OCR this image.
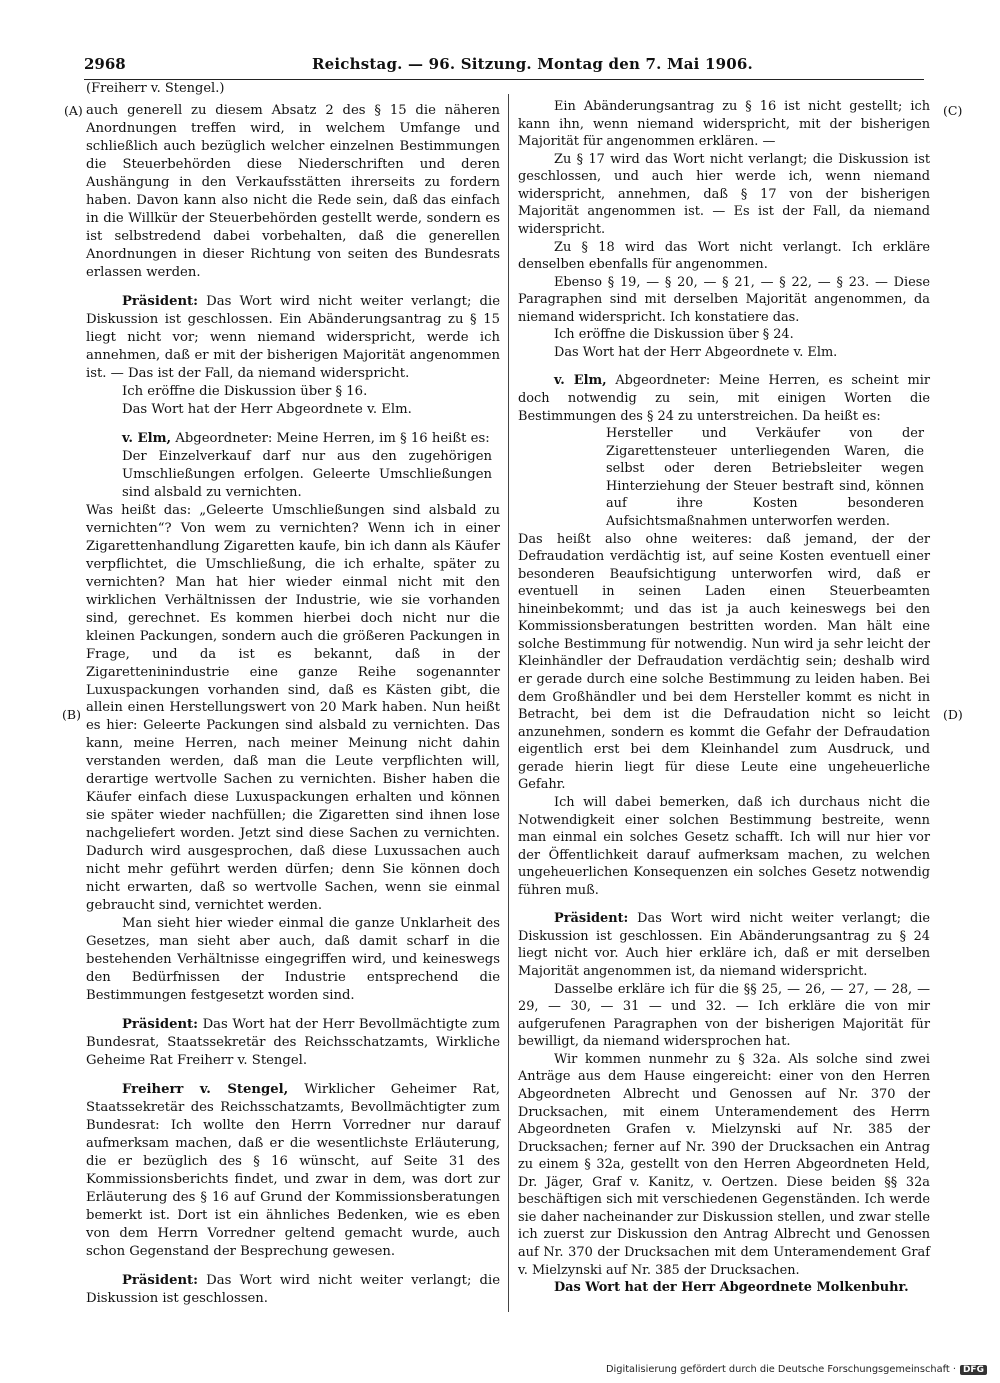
2968	Reichstag. — 96. Sitzung. Montag den 7. Mai 1906.
(A)
(B)
(C)
(D)

(Freiherr v. Stengel.)

auch generell zu diesem Absatz 2 des § 15 die näheren Anordnungen treffen wird, in welchem Umfange und schließlich auch bezüglich welcher einzelnen Bestimmungen die Steuerbehörden diese Niederschriften und deren Aushängung in den Verkaufsstätten ihrerseits zu fordern haben. Davon kann also nicht die Rede sein, daß das einfach in die Willkür der Steuerbehörden gestellt werde, sondern es ist selbstredend dabei vorbehalten, daß die generellen Anordnungen in dieser Richtung von seiten des Bundesrats erlassen werden.

Präsident: Das Wort wird nicht weiter verlangt; die Diskussion ist geschlossen. Ein Abänderungsantrag zu § 15 liegt nicht vor; wenn niemand widerspricht, werde ich annehmen, daß er mit der bisherigen Majorität angenommen ist. — Das ist der Fall, da niemand widerspricht.

Ich eröffne die Diskussion über § 16.

Das Wort hat der Herr Abgeordnete v. Elm.

v. Elm, Abgeordneter: Meine Herren, im § 16 heißt es:

Der Einzelverkauf darf nur aus den zugehörigen Umschließungen erfolgen. Geleerte Umschließungen sind alsbald zu vernichten.

Was heißt das: „Geleerte Umschließungen sind alsbald zu vernichten“? Von wem zu vernichten? Wenn ich in einer Zigarettenhandlung Zigaretten kaufe, bin ich dann als Käufer verpflichtet, die Umschließung, die ich erhalte, später zu vernichten? Man hat hier wieder einmal nicht mit den wirklichen Verhältnissen der Industrie, wie sie vorhanden sind, gerechnet. Es kommen hierbei doch nicht nur die kleinen Packungen, sondern auch die größeren Packungen in Frage, und da ist es bekannt, daß in der Zigaretteninindustrie eine ganze Reihe sogenannter Luxuspackungen vorhanden sind, daß es Kästen gibt, die allein einen Herstellungswert von 20 Mark haben. Nun heißt es hier: Geleerte Packungen sind alsbald zu vernichten. Das kann, meine Herren, nach meiner Meinung nicht dahin verstanden werden, daß man die Leute verpflichten will, derartige wertvolle Sachen zu vernichten. Bisher haben die Käufer einfach diese Luxuspackungen erhalten und können sie später wieder nachfüllen; die Zigaretten sind ihnen lose nachgeliefert worden. Jetzt sind diese Sachen zu vernichten. Dadurch wird ausgesprochen, daß diese Luxussachen auch nicht mehr geführt werden dürfen; denn Sie können doch nicht erwarten, daß so wertvolle Sachen, wenn sie einmal gebraucht sind, vernichtet werden.

Man sieht hier wieder einmal die ganze Unklarheit des Gesetzes, man sieht aber auch, daß damit scharf in die bestehenden Verhältnisse eingegriffen wird, und keineswegs den Bedürfnissen der Industrie entsprechend die Bestimmungen festgesetzt worden sind.

Präsident: Das Wort hat der Herr Bevollmächtigte zum Bundesrat, Staatssekretär des Reichsschatzamts, Wirkliche Geheime Rat Freiherr v. Stengel.

Freiherr v. Stengel, Wirklicher Geheimer Rat, Staatssekretär des Reichsschatzamts, Bevollmächtigter zum Bundesrat: Ich wollte den Herrn Vorredner nur darauf aufmerksam machen, daß er die wesentlichste Erläuterung, die er bezüglich des § 16 wünscht, auf Seite 31 des Kommissionsberichts findet, und zwar in dem, was dort zur Erläuterung des § 16 auf Grund der Kommissionsberatungen bemerkt ist. Dort ist ein ähnliches Bedenken, wie es eben von dem Herrn Vorredner geltend gemacht wurde, auch schon Gegenstand der Besprechung gewesen.

Präsident: Das Wort wird nicht weiter verlangt; die Diskussion ist geschlossen.

Ein Abänderungsantrag zu § 16 ist nicht gestellt; ich kann ihn, wenn niemand widerspricht, mit der bisherigen Majorität für angenommen erklären. —

Zu § 17 wird das Wort nicht verlangt; die Diskussion ist geschlossen, und auch hier werde ich, wenn niemand widerspricht, annehmen, daß § 17 von der bisherigen Majorität angenommen ist. — Es ist der Fall, da niemand widerspricht.

Zu § 18 wird das Wort nicht verlangt. Ich erkläre denselben ebenfalls für angenommen.

Ebenso § 19, — § 20, — § 21, — § 22, — § 23. — Diese Paragraphen sind mit derselben Majorität angenommen, da niemand widerspricht. Ich konstatiere das.

Ich eröffne die Diskussion über § 24.

Das Wort hat der Herr Abgeordnete v. Elm.

v. Elm, Abgeordneter: Meine Herren, es scheint mir doch notwendig zu sein, mit einigen Worten die Bestimmungen des § 24 zu unterstreichen. Da heißt es:

Hersteller und Verkäufer von der Zigarettensteuer unterliegenden Waren, die selbst oder deren Betriebsleiter wegen Hinterziehung der Steuer bestraft sind, können auf ihre Kosten besonderen Aufsichtsmaßnahmen unterworfen werden.

Das heißt also ohne weiteres: daß jemand, der der Defraudation verdächtig ist, auf seine Kosten eventuell einer besonderen Beaufsichtigung unterworfen wird, daß er eventuell in seinen Laden einen Steuerbeamten hineinbekommt; und das ist ja auch keineswegs bei den Kommissionsberatungen bestritten worden. Man hält eine solche Bestimmung für notwendig. Nun wird ja sehr leicht der Kleinhändler der Defraudation verdächtig sein; deshalb wird er gerade durch eine solche Bestimmung zu leiden haben. Bei dem Großhändler und bei dem Hersteller kommt es nicht in Betracht, bei dem ist die Defraudation nicht so leicht anzunehmen, sondern es kommt die Gefahr der Defraudation eigentlich erst bei dem Kleinhandel zum Ausdruck, und gerade hierin liegt für diese Leute eine ungeheuerliche Gefahr.

Ich will dabei bemerken, daß ich durchaus nicht die Notwendigkeit einer solchen Bestimmung bestreite, wenn man einmal ein solches Gesetz schafft. Ich will nur hier vor der Öffentlichkeit darauf aufmerksam machen, zu welchen ungeheuerlichen Konsequenzen ein solches Gesetz notwendig führen muß.

Präsident: Das Wort wird nicht weiter verlangt; die Diskussion ist geschlossen. Ein Abänderungsantrag zu § 24 liegt nicht vor. Auch hier erkläre ich, daß er mit derselben Majorität angenommen ist, da niemand widerspricht.

Dasselbe erkläre ich für die §§ 25, — 26, — 27, — 28, — 29, — 30, — 31 — und 32. — Ich erkläre die von mir aufgerufenen Paragraphen von der bisherigen Majorität für bewilligt, da niemand widersprochen hat.

Wir kommen nunmehr zu § 32a. Als solche sind zwei Anträge aus dem Hause eingereicht: einer von den Herren Abgeordneten Albrecht und Genossen auf Nr. 370 der Drucksachen, mit einem Unteramendement des Herrn Abgeordneten Grafen v. Mielzynski auf Nr. 385 der Drucksachen; ferner auf Nr. 390 der Drucksachen ein Antrag zu einem § 32a, gestellt von den Herren Abgeordneten Held, Dr. Jäger, Graf v. Kanitz, v. Oertzen. Diese beiden §§ 32a beschäftigen sich mit verschiedenen Gegenständen. Ich werde sie daher nacheinander zur Diskussion stellen, und zwar stelle ich zuerst zur Diskussion den Antrag Albrecht und Genossen auf Nr. 370 der Drucksachen mit dem Unteramendement Graf v. Mielzynski auf Nr. 385 der Drucksachen.

Das Wort hat der Herr Abgeordnete Molkenbuhr.

Digitalisierung gefördert durch die Deutsche Forschungsgemeinschaft · DFG
